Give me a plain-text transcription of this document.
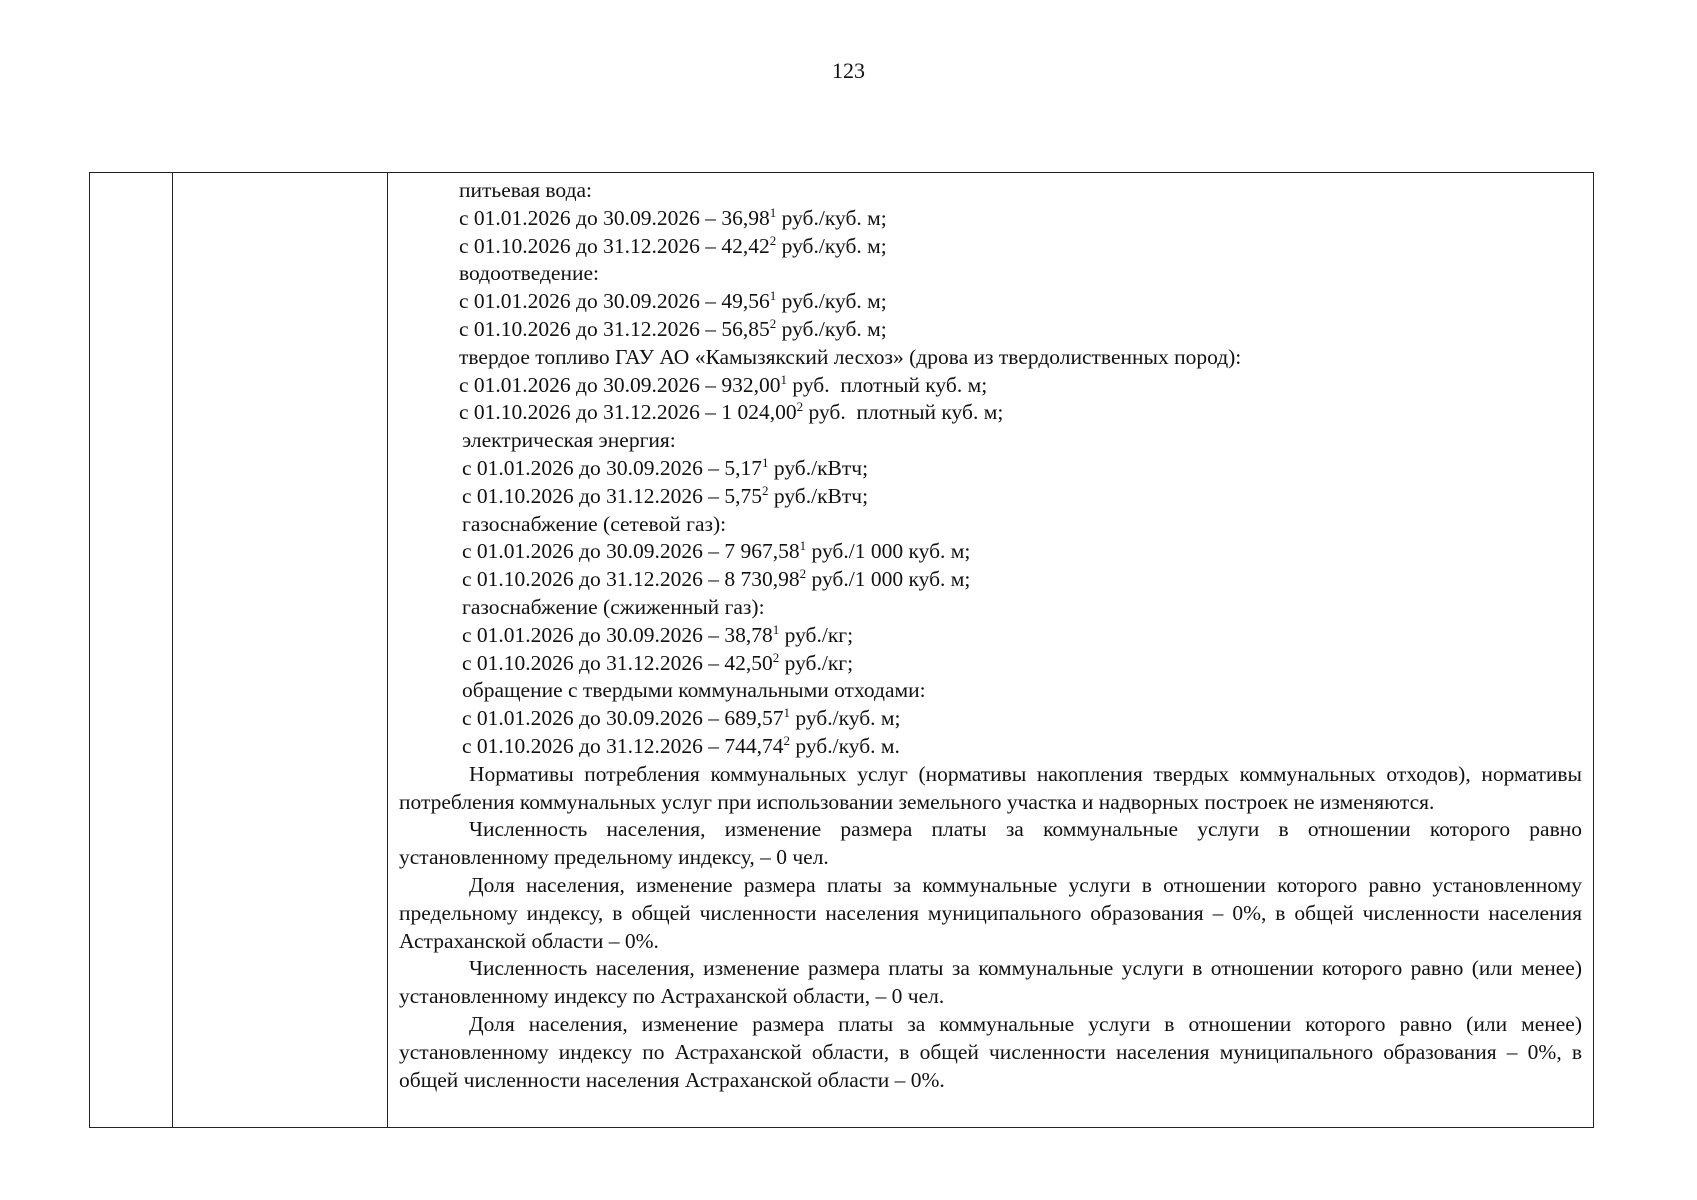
123
питьевая вода:
с 01.01.2026 до 30.09.2026 – 36,98$^1$ руб./куб. м;
с 01.10.2026 до 31.12.2026 – 42,42$^2$ руб./куб. м;
водоотведение:
с 01.01.2026 до 30.09.2026 – 49,56$^1$ руб./куб. м;
с 01.10.2026 до 31.12.2026 – 56,85$^2$ руб./куб. м;
твердое топливо ГАУ АО «Камызякский лесхоз» (дрова из твердолиственных пород):
с 01.01.2026 до 30.09.2026 – 932,00$^1$ руб.  плотный куб. м;
с 01.10.2026 до 31.12.2026 – 1 024,00$^2$ руб.  плотный куб. м;
электрическая энергия:
с 01.01.2026 до 30.09.2026 – 5,17$^1$ руб./кВтч;
с 01.10.2026 до 31.12.2026 – 5,75$^2$ руб./кВтч;
газоснабжение (сетевой газ):
с 01.01.2026 до 30.09.2026 – 7 967,58$^1$ руб./1 000 куб. м;
с 01.10.2026 до 31.12.2026 – 8 730,98$^2$ руб./1 000 куб. м;
газоснабжение (сжиженный газ):
с 01.01.2026 до 30.09.2026 – 38,78$^1$ руб./кг;
с 01.10.2026 до 31.12.2026 – 42,50$^2$ руб./кг;
обращение с твердыми коммунальными отходами:
с 01.01.2026 до 30.09.2026 – 689,57$^1$ руб./куб. м;
с 01.10.2026 до 31.12.2026 – 744,74$^2$ руб./куб. м.
Нормативы потребления коммунальных услуг (нормативы накопления твердых коммунальных отходов), нормативы потребления коммунальных услуг при использовании земельного участка и надворных построек не изменяются.
Численность населения, изменение размера платы за коммунальные услуги в отношении которого равно установленному предельному индексу, – 0 чел.
Доля населения, изменение размера платы за коммунальные услуги в отношении которого равно установленному предельному индексу, в общей численности населения муниципального образования – 0%, в общей численности населения Астраханской области – 0%.
Численность населения, изменение размера платы за коммунальные услуги в отношении которого равно (или менее) установленному индексу по Астраханской области, – 0 чел.
Доля населения, изменение размера платы за коммунальные услуги в отношении которого равно (или менее) установленному индексу по Астраханской области, в общей численности населения муниципального образования – 0%, в общей численности населения Астраханской области – 0%.
